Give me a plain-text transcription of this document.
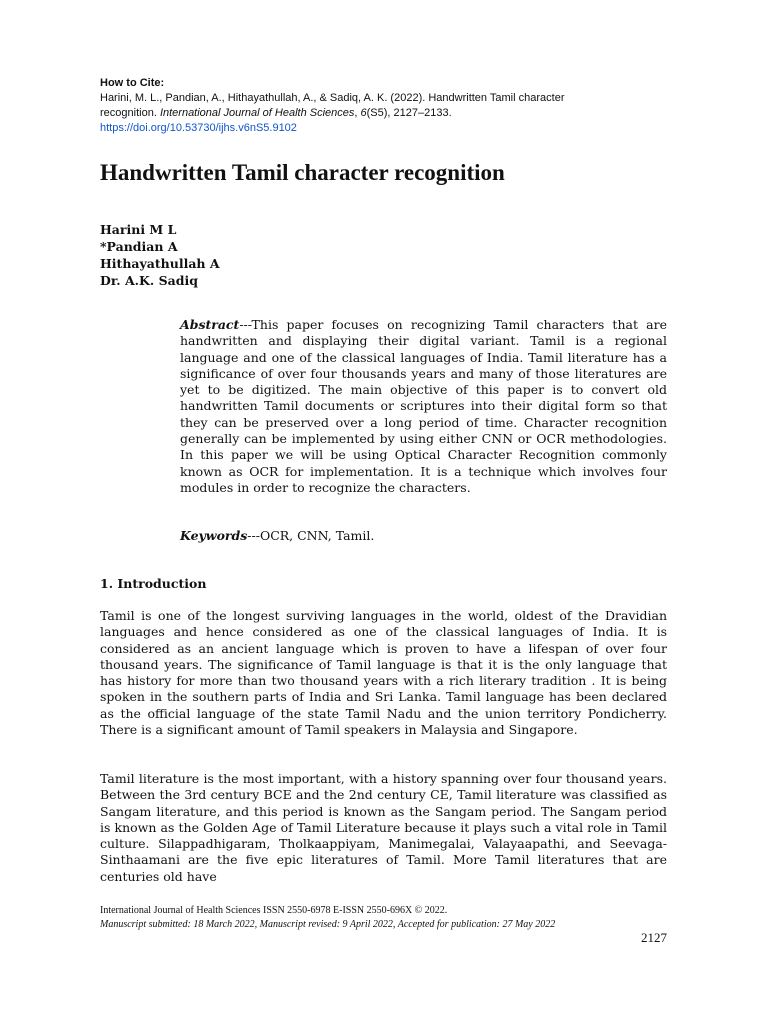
How to Cite:
Harini, M. L., Pandian, A., Hithayathullah, A., & Sadiq, A. K. (2022). Handwritten Tamil character
recognition. International Journal of Health Sciences, 6(S5), 2127–2133.
https://doi.org/10.53730/ijhs.v6nS5.9102
Handwritten Tamil character recognition
Harini M L
*Pandian A
Hithayathullah A
Dr. A.K. Sadiq

Abstract---This paper focuses on recognizing Tamil characters that are handwritten and displaying their digital variant. Tamil is a regional language and one of the classical languages of India. Tamil literature has a significance of over four thousands years and many of those literatures are yet to be digitized. The main objective of this paper is to convert old handwritten Tamil documents or scriptures into their digital form so that they can be preserved over a long period of time. Character recognition generally can be implemented by using either CNN or OCR methodologies. In this paper we will be using Optical Character Recognition commonly known as OCR for implementation. It is a technique which involves four modules in order to recognize the characters.

Keywords---OCR, CNN, Tamil.

1. Introduction

Tamil is one of the longest surviving languages in the world, oldest of the Dravidian languages and hence considered as one of the classical languages of India. It is considered as an ancient language which is proven to have a lifespan of over four thousand years. The significance of Tamil language is that it is the only language that has history for more than two thousand years with a rich literary tradition . It is being spoken in the southern parts of India and Sri Lanka. Tamil language has been declared as the official language of the state Tamil Nadu and the union territory Pondicherry. There is a significant amount of Tamil speakers in Malaysia and Singapore.

Tamil literature is the most important, with a history spanning over four thousand years. Between the 3rd century BCE and the 2nd century CE, Tamil literature was classified as Sangam literature, and this period is known as the Sangam period. The Sangam period is known as the Golden Age of Tamil Literature because it plays such a vital role in Tamil culture. Silappadhigaram, Tholkaappiyam, Manimegalai, Valayaapathi, and Seevaga-Sinthaamani are the five epic literatures of Tamil. More Tamil literatures that are centuries old have

International Journal of Health Sciences ISSN 2550-6978 E-ISSN 2550-696X © 2022.
Manuscript submitted: 18 March 2022, Manuscript revised: 9 April 2022, Accepted for publication: 27 May 2022
2127
